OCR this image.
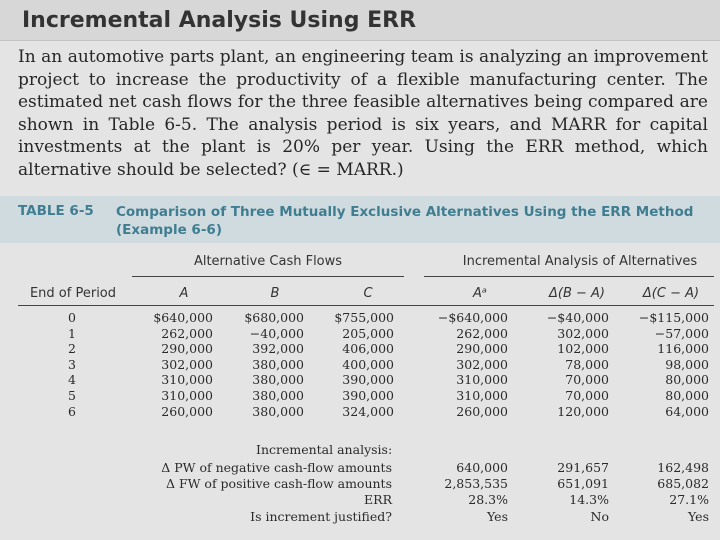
Incremental Analysis Using ERR

In an automotive parts plant, an engineering team is analyzing an improvement project to increase the productivity of a flexible manufacturing center. The estimated net cash flows for the three feasible alternatives being compared are shown in Table 6-5. The analysis period is six years, and MARR for capital investments at the plant is 20% per year. Using the ERR method, which alternative should be selected? (∈ = MARR.)

TABLE 6-5 Comparison of Three Mutually Exclusive Alternatives Using the ERR Method (Example 6-6)
Alternative Cash Flows	Incremental Analysis of Alternatives
End of Period	A	B	C	Aᵃ	Δ(B − A)	Δ(C − A)
0	$640,000	$680,000	$755,000	−$640,000	−$40,000	−$115,000
1	262,000	−40,000	205,000	262,000	302,000	−57,000
2	290,000	392,000	406,000	290,000	102,000	116,000
3	302,000	380,000	400,000	302,000	78,000	98,000
4	310,000	380,000	390,000	310,000	70,000	80,000
5	310,000	380,000	390,000	310,000	70,000	80,000
6	260,000	380,000	324,000	260,000	120,000	64,000
Incremental analysis:
Δ PW of negative cash-flow amounts	640,000	291,657	162,498
Δ FW of positive cash-flow amounts	2,853,535	651,091	685,082
ERR	28.3%	14.3%	27.1%
Is increment justified?	Yes	No	Yes
